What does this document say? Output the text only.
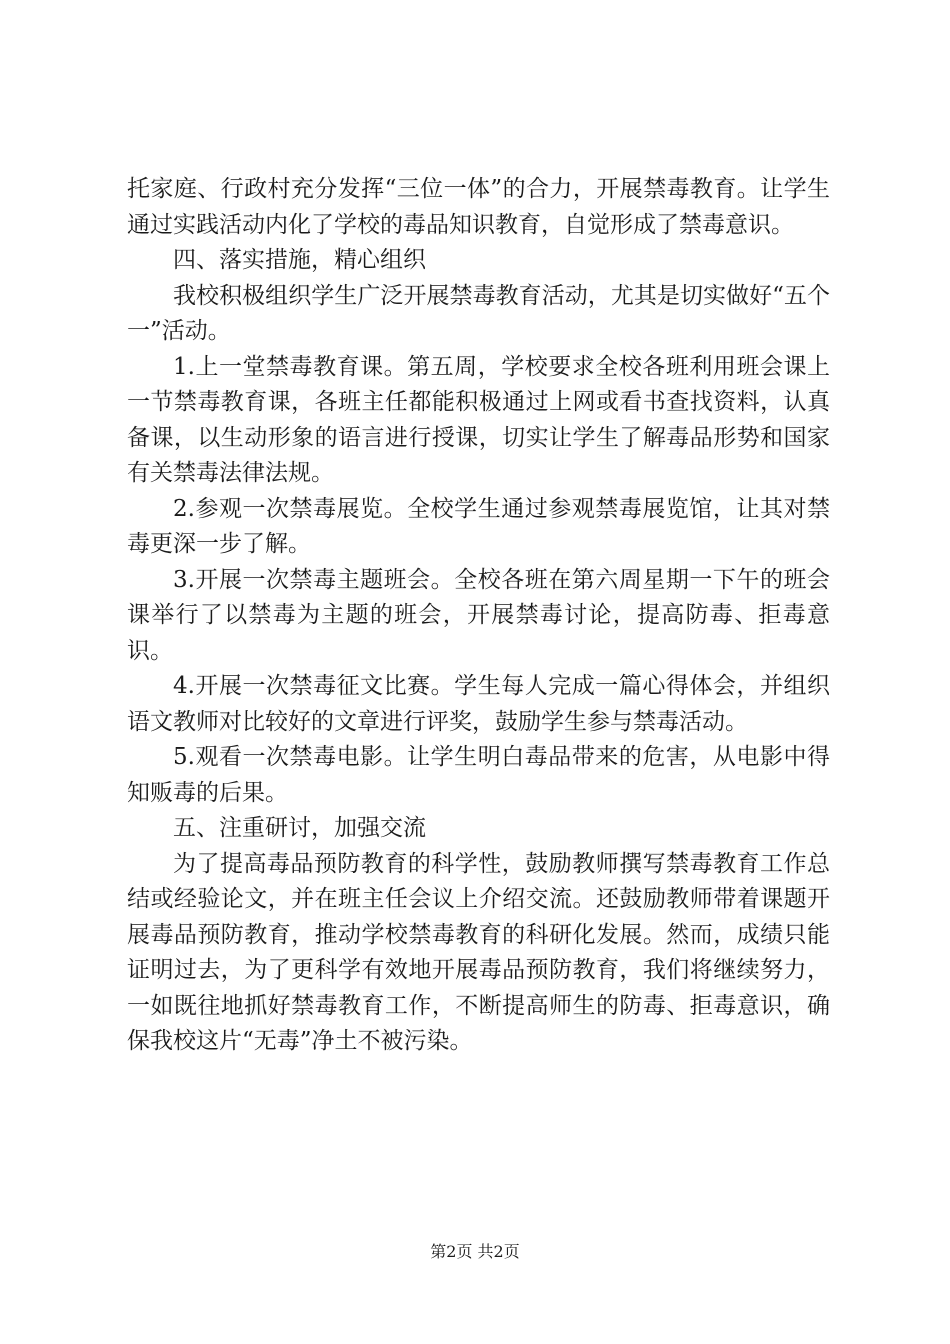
托家庭、行政村充分发挥“三位一体”的合力，开展禁毒教育。让学生通过实践活动内化了学校的毒品知识教育，自觉形成了禁毒意识。

四、落实措施，精心组织

我校积极组织学生广泛开展禁毒教育活动，尤其是切实做好“五个一”活动。

1.上一堂禁毒教育课。第五周，学校要求全校各班利用班会课上一节禁毒教育课，各班主任都能积极通过上网或看书查找资料，认真备课，以生动形象的语言进行授课，切实让学生了解毒品形势和国家有关禁毒法律法规。

2.参观一次禁毒展览。全校学生通过参观禁毒展览馆，让其对禁毒更深一步了解。

3.开展一次禁毒主题班会。全校各班在第六周星期一下午的班会课举行了以禁毒为主题的班会，开展禁毒讨论，提高防毒、拒毒意识。

4.开展一次禁毒征文比赛。学生每人完成一篇心得体会，并组织语文教师对比较好的文章进行评奖，鼓励学生参与禁毒活动。

5.观看一次禁毒电影。让学生明白毒品带来的危害，从电影中得知贩毒的后果。

五、注重研讨，加强交流

为了提高毒品预防教育的科学性，鼓励教师撰写禁毒教育工作总结或经验论文，并在班主任会议上介绍交流。还鼓励教师带着课题开展毒品预防教育，推动学校禁毒教育的科研化发展。然而，成绩只能证明过去，为了更科学有效地开展毒品预防教育，我们将继续努力，一如既往地抓好禁毒教育工作，不断提高师生的防毒、拒毒意识，确保我校这片“无毒”净土不被污染。

第2页 共2页
